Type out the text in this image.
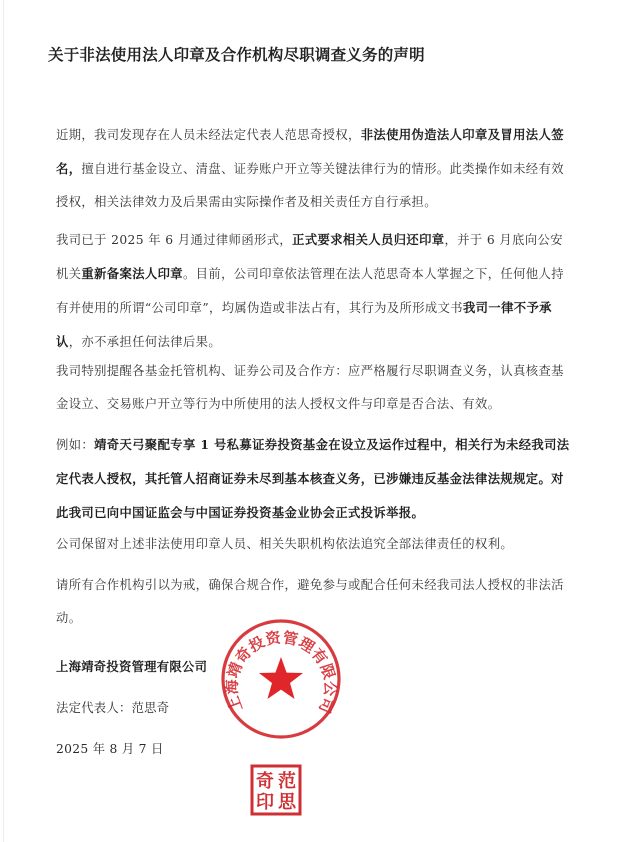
关于非法使用法人印章及合作机构尽职调查义务的声明
近期，我司发现存在人员未经法定代表人范思奇授权，非法使用伪造法人印章及冒用法人签名，擅自进行基金设立、清盘、证券账户开立等关键法律行为的情形。此类操作如未经有效授权，相关法律效力及后果需由实际操作者及相关责任方自行承担。
我司已于 2025 年 6 月通过律师函形式，正式要求相关人员归还印章，并于 6 月底向公安机关重新备案法人印章。目前，公司印章依法管理在法人范思奇本人掌握之下，任何他人持有并使用的所谓“公司印章”，均属伪造或非法占有，其行为及所形成文书我司一律不予承认，亦不承担任何法律后果。
我司特别提醒各基金托管机构、证券公司及合作方：应严格履行尽职调查义务，认真核查基金设立、交易账户开立等行为中所使用的法人授权文件与印章是否合法、有效。
例如：靖奇天弓聚配专享 1 号私募证券投资基金在设立及运作过程中，相关行为未经我司法定代表人授权，其托管人招商证券未尽到基本核查义务，已涉嫌违反基金法律法规规定。对此我司已向中国证监会与中国证券投资基金业协会正式投诉举报。
公司保留对上述非法使用印章人员、相关失职机构依法追究全部法律责任的权利。
请所有合作机构引以为戒，确保合规合作，避免参与或配合任何未经我司法人授权的非法活动。
上海靖奇投资管理有限公司
法定代表人：范思奇
2025 年 8 月 7 日
上海靖奇投资管理有限公司
范
思
奇
印
